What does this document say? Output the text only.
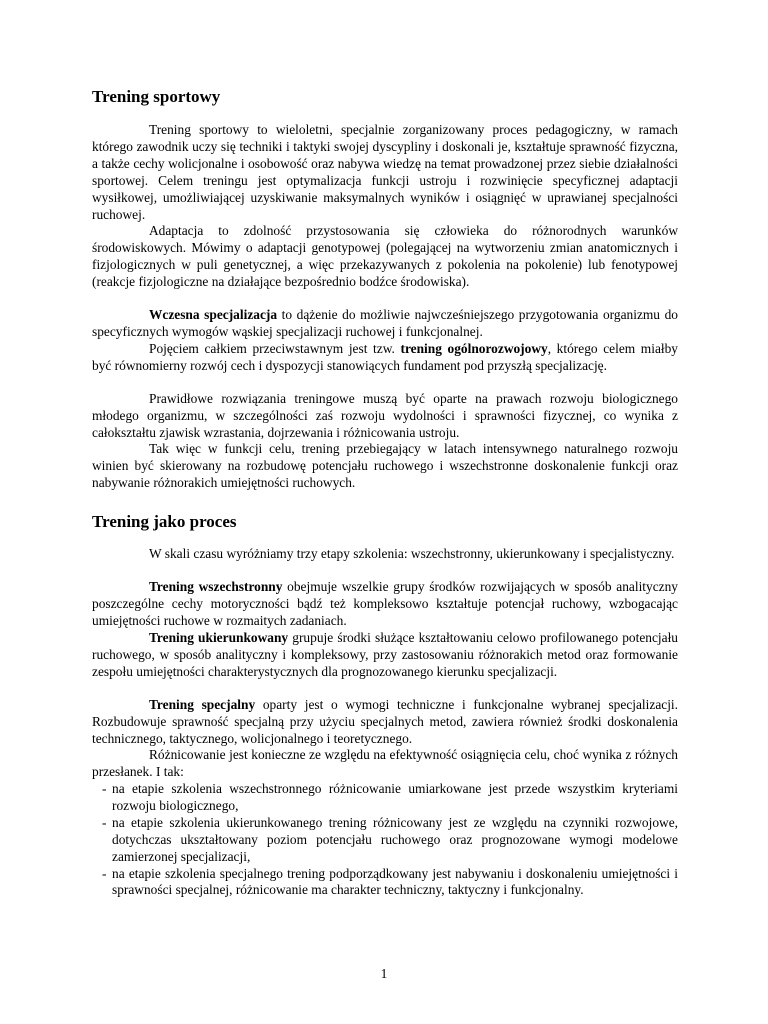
Trening sportowy

Trening sportowy to wieloletni, specjalnie zorganizowany proces pedagogiczny, w ramach którego zawodnik uczy się techniki i taktyki swojej dyscypliny i doskonali je, kształtuje sprawność fizyczna, a także cechy wolicjonalne i osobowość oraz nabywa wiedzę na temat prowadzonej przez siebie działalności sportowej. Celem treningu jest optymalizacja funkcji ustroju i rozwinięcie specyficznej adaptacji wysiłkowej, umożliwiającej uzyskiwanie maksymalnych wyników i osiągnięć w uprawianej specjalności ruchowej.

Adaptacja to zdolność przystosowania się człowieka do różnorodnych warunków środowiskowych. Mówimy o adaptacji genotypowej (polegającej na wytworzeniu zmian anatomicznych i fizjologicznych w puli genetycznej, a więc przekazywanych z pokolenia na pokolenie) lub fenotypowej (reakcje fizjologiczne na działające bezpośrednio bodźce środowiska).

Wczesna specjalizacja to dążenie do możliwie najwcześniejszego przygotowania organizmu do specyficznych wymogów wąskiej specjalizacji ruchowej i funkcjonalnej.

Pojęciem całkiem przeciwstawnym jest tzw. trening ogólnorozwojowy, którego celem miałby być równomierny rozwój cech i dyspozycji stanowiących fundament pod przyszłą specjalizację.

Prawidłowe rozwiązania treningowe muszą być oparte na prawach rozwoju biologicznego młodego organizmu, w szczególności zaś rozwoju wydolności i sprawności fizycznej, co wynika z całokształtu zjawisk wzrastania, dojrzewania i różnicowania ustroju.

Tak więc w funkcji celu, trening przebiegający w latach intensywnego naturalnego rozwoju winien być skierowany na rozbudowę potencjału ruchowego i wszechstronne doskonalenie funkcji oraz nabywanie różnorakich umiejętności ruchowych.

Trening jako proces

W skali czasu wyróżniamy trzy etapy szkolenia: wszechstronny, ukierunkowany i specjalistyczny.

Trening wszechstronny obejmuje wszelkie grupy środków rozwijających w sposób analityczny poszczególne cechy motoryczności bądź też kompleksowo kształtuje potencjał ruchowy, wzbogacając umiejętności ruchowe w rozmaitych zadaniach.

Trening ukierunkowany grupuje środki służące kształtowaniu celowo profilowanego potencjału ruchowego, w sposób analityczny i kompleksowy, przy zastosowaniu różnorakich metod oraz formowanie zespołu umiejętności charakterystycznych dla prognozowanego kierunku specjalizacji.

Trening specjalny oparty jest o wymogi techniczne i funkcjonalne wybranej specjalizacji. Rozbudowuje sprawność specjalną przy użyciu specjalnych metod, zawiera również środki doskonalenia technicznego, taktycznego, wolicjonalnego i teoretycznego.

Różnicowanie jest konieczne ze względu na efektywność osiągnięcia celu, choć wynika z różnych przesłanek. I tak:

- na etapie szkolenia wszechstronnego różnicowanie umiarkowane jest przede wszystkim kryteriami rozwoju biologicznego,
- na etapie szkolenia ukierunkowanego trening różnicowany jest ze względu na czynniki rozwojowe, dotychczas ukształtowany poziom potencjału ruchowego oraz prognozowane wymogi modelowe zamierzonej specjalizacji,
- na etapie szkolenia specjalnego trening podporządkowany jest nabywaniu i doskonaleniu umiejętności i sprawności specjalnej, różnicowanie ma charakter techniczny, taktyczny i funkcjonalny.
1
